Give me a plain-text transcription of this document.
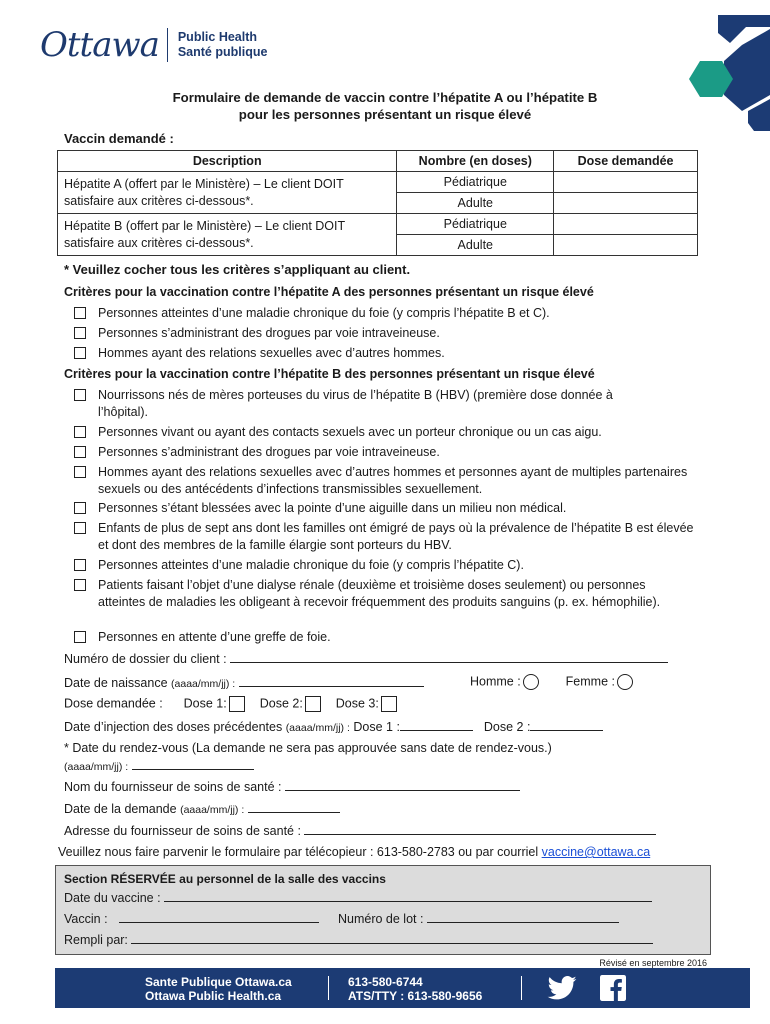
Ottawa Public Health
Santé publique
Formulaire de demande de vaccin contre l’hépatite A ou l’hépatite B
pour les personnes présentant un risque élevé
Vaccin demandé :
Description	Nombre (en doses)	Dose demandée
Hépatite A (offert par le Ministère) – Le client DOIT satisfaire aux critères ci-dessous*.	Pédiatrique	
	Adulte	
Hépatite B (offert par le Ministère) – Le client DOIT satisfaire aux critères ci-dessous*.	Pédiatrique	
	Adulte	
* Veuillez cocher tous les critères s’appliquant au client.
Critères pour la vaccination contre l’hépatite A des personnes présentant un risque élevé
Personnes atteintes d’une maladie chronique du foie (y compris l’hépatite B et C).
Personnes s’administrant des drogues par voie intraveineuse.
Hommes ayant des relations sexuelles avec d’autres hommes.
Critères pour la vaccination contre l’hépatite B des personnes présentant un risque élevé
Nourrissons nés de mères porteuses du virus de l’hépatite B (HBV) (première dose donnée à l’hôpital).
Personnes vivant ou ayant des contacts sexuels avec un porteur chronique ou un cas aigu.
Personnes s’administrant des drogues par voie intraveineuse.
Hommes ayant des relations sexuelles avec d’autres hommes et personnes ayant de multiples partenaires sexuels ou des antécédents d’infections transmissibles sexuellement.
Personnes s’étant blessées avec la pointe d’une aiguille dans un milieu non médical.
Enfants de plus de sept ans dont les familles ont émigré de pays où la prévalence de l’hépatite B est élevée et dont des membres de la famille élargie sont porteurs du HBV.
Personnes atteintes d’une maladie chronique du foie (y compris l’hépatite C).
Patients faisant l’objet d’une dialyse rénale (deuxième et troisième doses seulement) ou personnes atteintes de maladies les obligeant à recevoir fréquemment des produits sanguins (p. ex. hémophilie).
Personnes en attente d’une greffe de foie.
Numéro de dossier du client :
Date de naissance (aaaa/mm/jj) :	Homme :	Femme :
Dose demandée : Dose 1:	Dose 2:	Dose 3:
Date d’injection des doses précédentes (aaaa/mm/jj) : Dose 1 :	Dose 2 :
* Date du rendez-vous (La demande ne sera pas approuvée sans date de rendez-vous.)
(aaaa/mm/jj) :
Nom du fournisseur de soins de santé :
Date de la demande (aaaa/mm/jj) :
Adresse du fournisseur de soins de santé :
Veuillez nous faire parvenir le formulaire par télécopieur : 613-580-2783 ou par courriel vaccine@ottawa.ca
Section RÉSERVÉE au personnel de la salle des vaccins
Date du vaccine :
Vaccin :	Numéro de lot :
Rempli par:
Révisé en septembre 2016
Sante Publique Ottawa.ca
Ottawa Public Health.ca
613-580-6744
ATS/TTY : 613-580-9656
